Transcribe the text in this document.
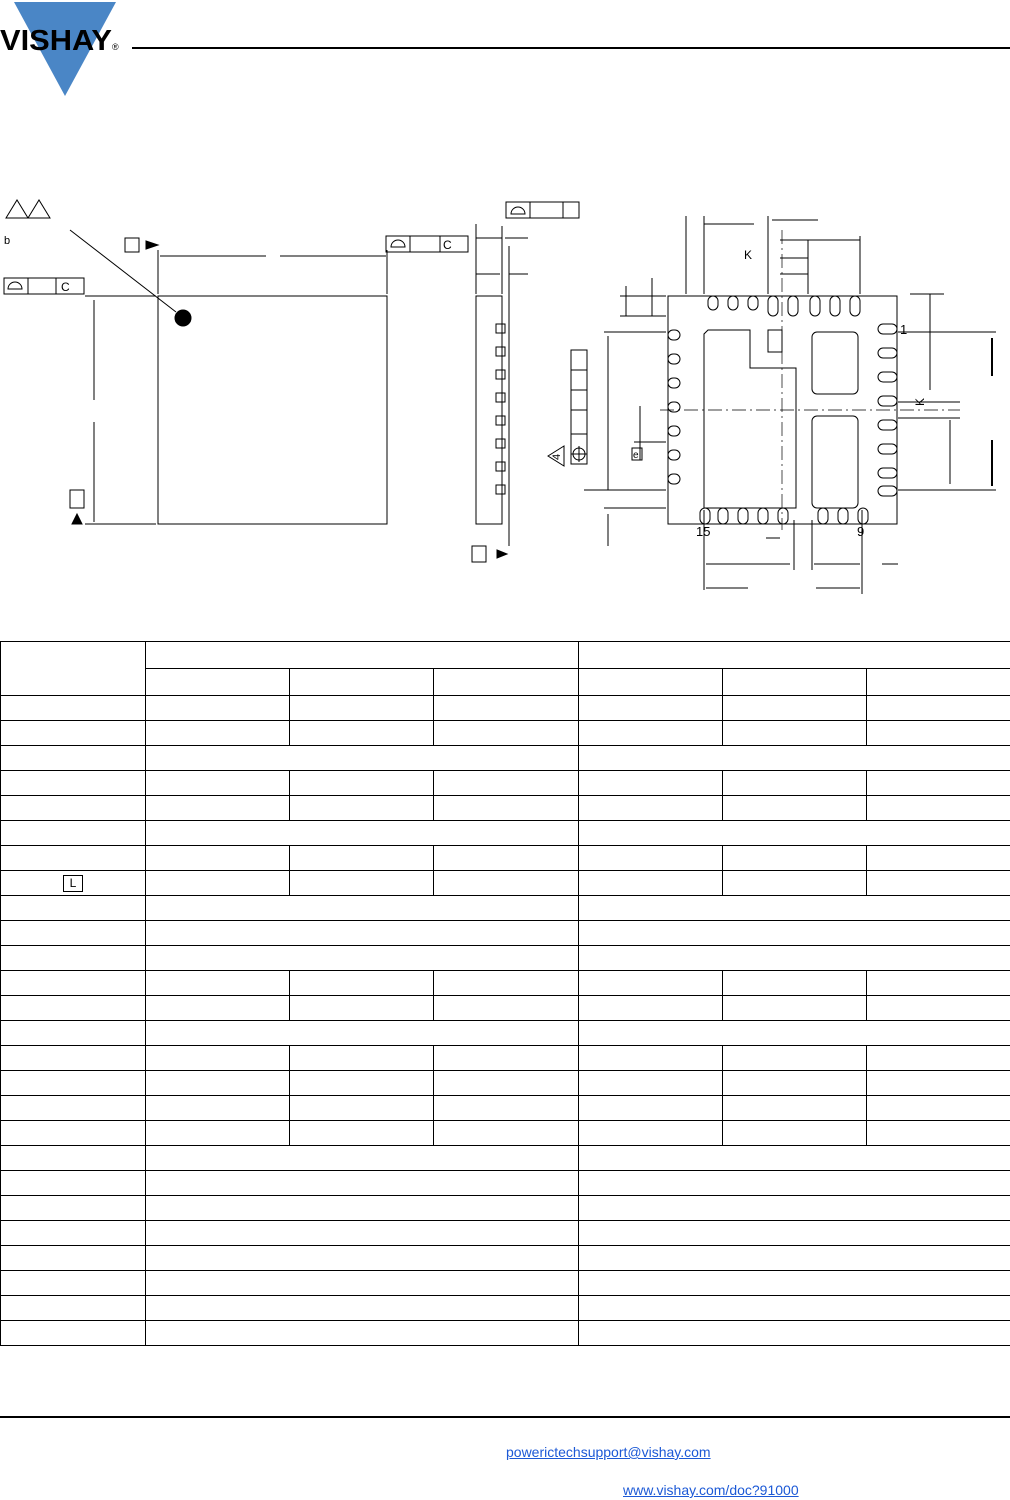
VISHAY ®
b	C
C
K
K
e
4
1
15	9

L						

powerictechsupport@vishay.com
www.vishay.com/doc?91000
